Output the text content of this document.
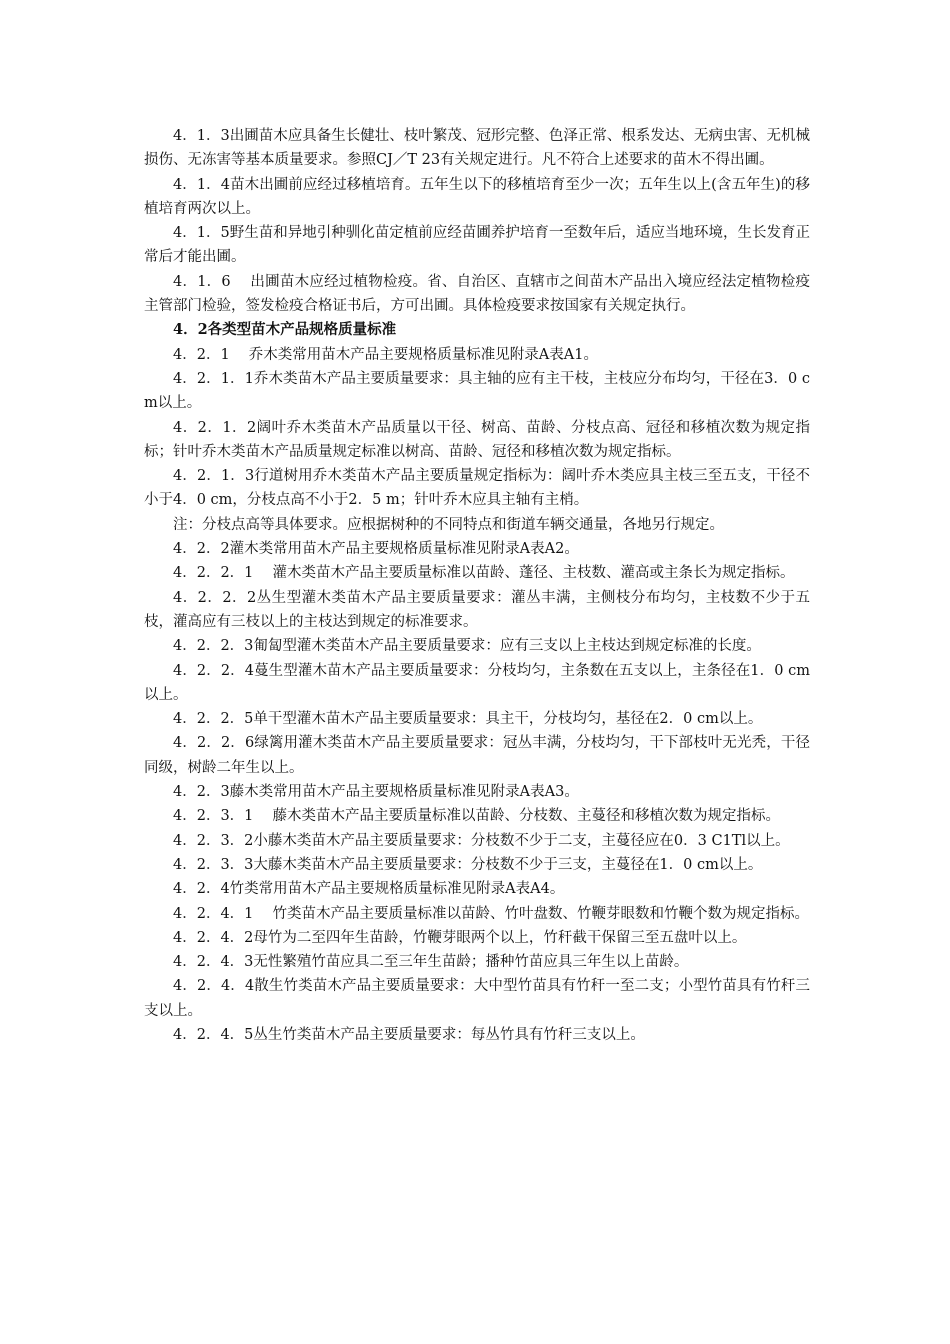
4．1．3出圃苗木应具备生长健壮、枝叶繁茂、冠形完整、色泽正常、根系发达、无病虫害、无机械损伤、无冻害等基本质量要求。参照CJ／T 23有关规定进行。凡不符合上述要求的苗木不得出圃。

4．1．4苗木出圃前应经过移植培育。五年生以下的移植培育至少一次；五年生以上(含五年生)的移植培育两次以上。

4．1．5野生苗和异地引种驯化苗定植前应经苗圃养护培育一至数年后，适应当地环境，生长发育正常后才能出圃。

4．1．6　 出圃苗木应经过植物检疫。省、自治区、直辖市之间苗木产品出入境应经法定植物检疫主管部门检验，签发检疫合格证书后，方可出圃。具体检疫要求按国家有关规定执行。

4．2各类型苗木产品规格质量标准

4．2．1　 乔木类常用苗木产品主要规格质量标准见附录A表A1。

4．2．1．1乔木类苗木产品主要质量要求：具主轴的应有主干枝，主枝应分布均匀，干径在3．0 cm以上。

4．2．1．2阔叶乔木类苗木产品质量以干径、树高、苗龄、分枝点高、冠径和移植次数为规定指标；针叶乔木类苗木产品质量规定标准以树高、苗龄、冠径和移植次数为规定指标。

4．2．1．3行道树用乔木类苗木产品主要质量规定指标为：阔叶乔木类应具主枝三至五支，干径不小于4．0 cm，分枝点高不小于2．5 m；针叶乔木应具主轴有主梢。

注：分枝点高等具体要求。应根据树种的不同特点和街道车辆交通量，各地另行规定。

4．2．2灌木类常用苗木产品主要规格质量标准见附录A表A2。

4．2．2．1　 灌木类苗木产品主要质量标准以苗龄、蓬径、主枝数、灌高或主条长为规定指标。

4．2．2．2丛生型灌木类苗木产品主要质量要求：灌丛丰满，主侧枝分布均匀，主枝数不少于五枝，灌高应有三枝以上的主枝达到规定的标准要求。

4．2．2．3匍匐型灌木类苗木产品主要质量要求：应有三支以上主枝达到规定标准的长度。

4．2．2．4蔓生型灌木苗木产品主要质量要求：分枝均匀，主条数在五支以上，主条径在1．0 cm以上。

4．2．2．5单干型灌木苗木产品主要质量要求：具主干，分枝均匀，基径在2．0 cm以上。

4．2．2．6绿篱用灌木类苗木产品主要质量要求：冠丛丰满，分枝均匀，干下部枝叶无光秃，干径同级，树龄二年生以上。

4．2．3藤木类常用苗木产品主要规格质量标准见附录A表A3。

4．2．3．1　 藤木类苗木产品主要质量标准以苗龄、分枝数、主蔓径和移植次数为规定指标。

4．2．3．2小藤木类苗木产品主要质量要求：分枝数不少于二支，主蔓径应在0．3 C1Tl以上。

4．2．3．3大藤木类苗木产品主要质量要求：分枝数不少于三支，主蔓径在1．0 cm以上。

4．2．4竹类常用苗木产品主要规格质量标准见附录A表A4。

4．2．4．1　 竹类苗木产品主要质量标准以苗龄、竹叶盘数、竹鞭芽眼数和竹鞭个数为规定指标。

4．2．4．2母竹为二至四年生苗龄，竹鞭芽眼两个以上，竹秆截干保留三至五盘叶以上。

4．2．4．3无性繁殖竹苗应具二至三年生苗龄；播种竹苗应具三年生以上苗龄。

4．2．4．4散生竹类苗木产品主要质量要求：大中型竹苗具有竹秆一至二支；小型竹苗具有竹秆三支以上。

4．2．4．5丛生竹类苗木产品主要质量要求：每丛竹具有竹秆三支以上。
